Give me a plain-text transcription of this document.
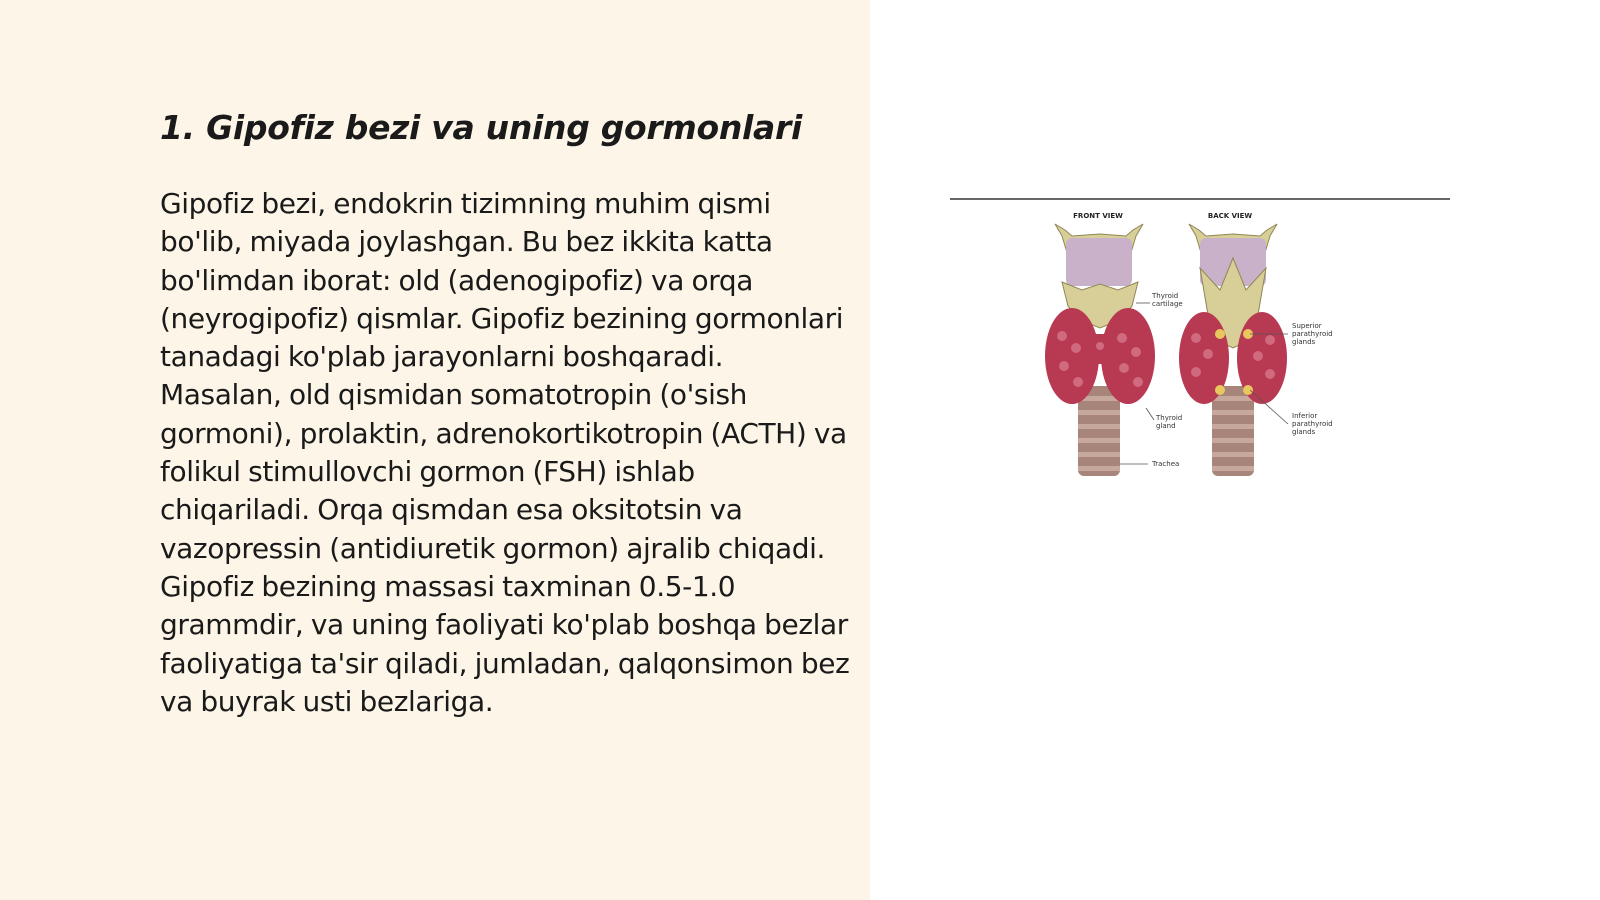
1. Gipofiz bezi va uning gormonlari

Gipofiz bezi, endokrin tizimning muhim qismi bo'lib, miyada joylashgan. Bu bez ikkita katta bo'limdan iborat: old (adenogipofiz) va orqa (neyrogipofiz) qismlar. Gipofiz bezining gormonlari tanadagi ko'plab jarayonlarni boshqaradi. Masalan, old qismidan somatotropin (o'sish gormoni), prolaktin, adrenokortikotropin (ACTH) va folikul stimullovchi gormon (FSH) ishlab chiqariladi. Orqa qismdan esa oksitotsin va vazopressin (antidiuretik gormon) ajralib chiqadi. Gipofiz bezining massasi taxminan 0.5-1.0 grammdir, va uning faoliyati ko'plab boshqa bezlar faoliyatiga ta'sir qiladi, jumladan, qalqonsimon bez va buyrak usti bezlariga.

FRONT VIEW	BACK VIEW
Thyroid
cartilage
Superior
parathyroid
glands
Thyroid
gland
Inferior
parathyroid
glands
Trachea
